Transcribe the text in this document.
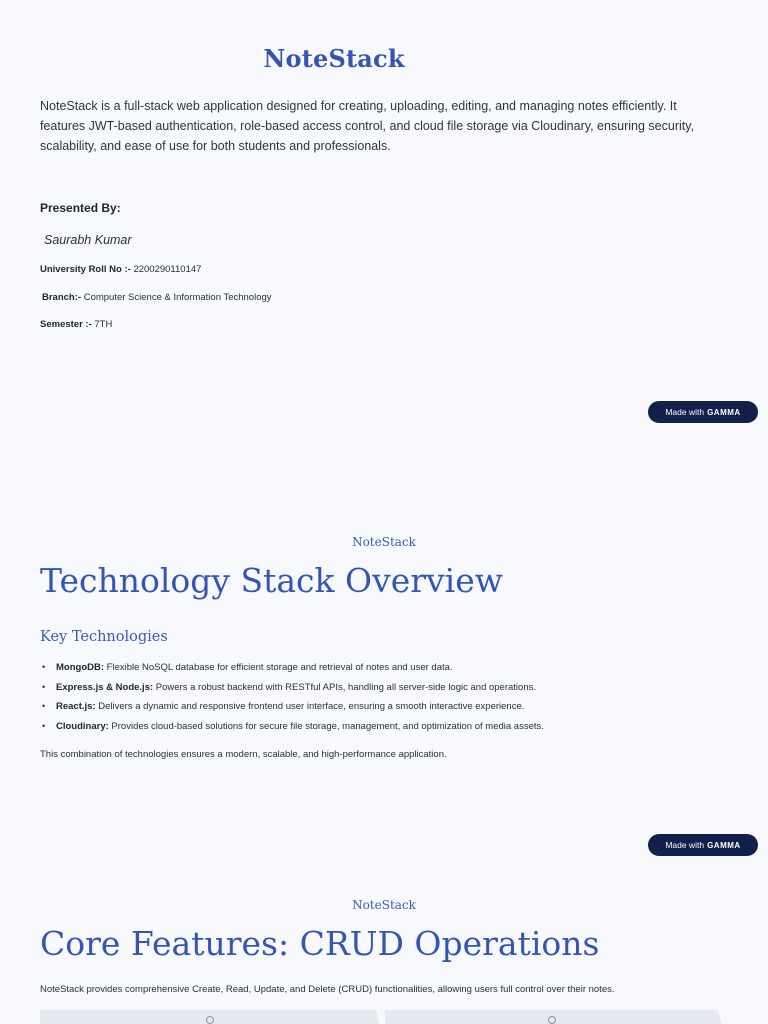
NoteStack
NoteStack is a full-stack web application designed for creating, uploading, editing, and managing notes efficiently. It features JWT-based authentication, role-based access control, and cloud file storage via Cloudinary, ensuring security, scalability, and ease of use for both students and professionals.
Presented By:
Saurabh Kumar
University Roll No :- 2200290110147
Branch:- Computer Science & Information Technology
Semester :- 7TH
Made with GAMMA
NoteStack
Technology Stack Overview
Key Technologies
• MongoDB: Flexible NoSQL database for efficient storage and retrieval of notes and user data.
• Express.js & Node.js: Powers a robust backend with RESTful APIs, handling all server-side logic and operations.
• React.js: Delivers a dynamic and responsive frontend user interface, ensuring a smooth interactive experience.
• Cloudinary: Provides cloud-based solutions for secure file storage, management, and optimization of media assets.
This combination of technologies ensures a modern, scalable, and high-performance application.
Made with GAMMA
NoteStack
Core Features: CRUD Operations
NoteStack provides comprehensive Create, Read, Update, and Delete (CRUD) functionalities, allowing users full control over their notes.
